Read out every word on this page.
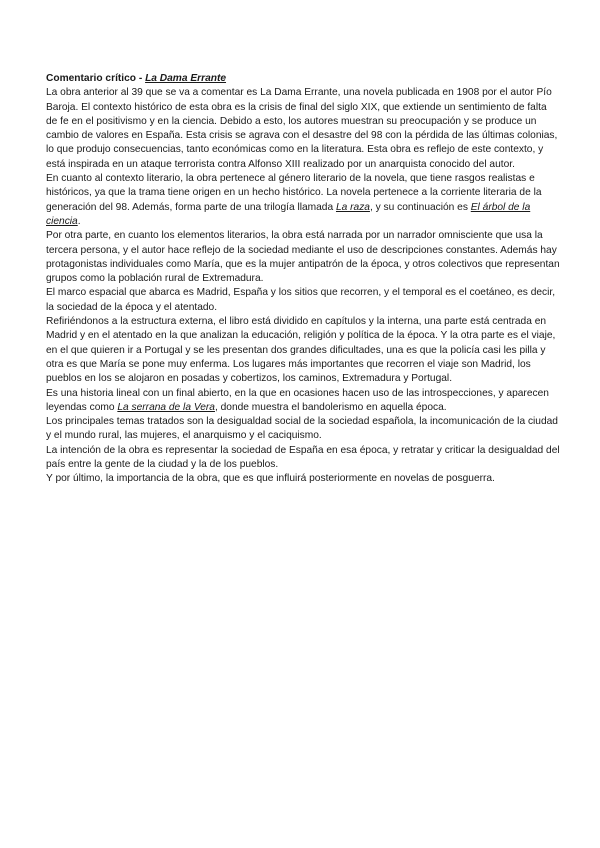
Comentario crítico - La Dama Errante

La obra anterior al 39 que se va a comentar es La Dama Errante, una novela publicada en 1908 por el autor Pío Baroja. El contexto histórico de esta obra es la crisis de final del siglo XIX, que extiende un sentimiento de falta de fe en el positivismo y en la ciencia. Debido a esto, los autores muestran su preocupación y se produce un cambio de valores en España. Esta crisis se agrava con el desastre del 98 con la pérdida de las últimas colonias, lo que produjo consecuencias, tanto económicas como en la literatura. Esta obra es reflejo de este contexto, y está inspirada en un ataque terrorista contra Alfonso XIII realizado por un anarquista conocido del autor.

En cuanto al contexto literario, la obra pertenece al género literario de la novela, que tiene rasgos realistas e históricos, ya que la trama tiene origen en un hecho histórico. La novela pertenece a la corriente literaria de la generación del 98. Además, forma parte de una trilogía llamada La raza, y su continuación es El árbol de la ciencia.

Por otra parte, en cuanto los elementos literarios, la obra está narrada por un narrador omnisciente que usa la tercera persona, y el autor hace reflejo de la sociedad mediante el uso de descripciones constantes. Además hay protagonistas individuales como María, que es la mujer antipatrón de la época, y otros colectivos que representan grupos como la población rural de Extremadura.

El marco espacial que abarca es Madrid, España y los sitios que recorren, y el temporal es el coetáneo, es decir, la sociedad de la época y el atentado.

Refiriéndonos a la estructura externa, el libro está dividido en capítulos y la interna, una parte está centrada en Madrid y en el atentado en la que analizan la educación, religión y política de la época. Y la otra parte es el viaje, en el que quieren ir a Portugal y se les presentan dos grandes dificultades, una es que la policía casi les pilla y otra es que María se pone muy enferma. Los lugares más importantes que recorren el viaje son Madrid, los pueblos en los se alojaron en posadas y cobertizos, los caminos, Extremadura y Portugal.

Es una historia lineal con un final abierto, en la que en ocasiones hacen uso de las introspecciones, y aparecen leyendas como La serrana de la Vera, donde muestra el bandolerismo en aquella época.

Los principales temas tratados son la desigualdad social de la sociedad española, la incomunicación de la ciudad y el mundo rural, las mujeres, el anarquismo y el caciquismo.

La intención de la obra es representar la sociedad de España en esa época, y retratar y criticar la desigualdad del país entre la gente de la ciudad y la de los pueblos.

Y por último, la importancia de la obra, que es que influirá posteriormente en novelas de posguerra.
